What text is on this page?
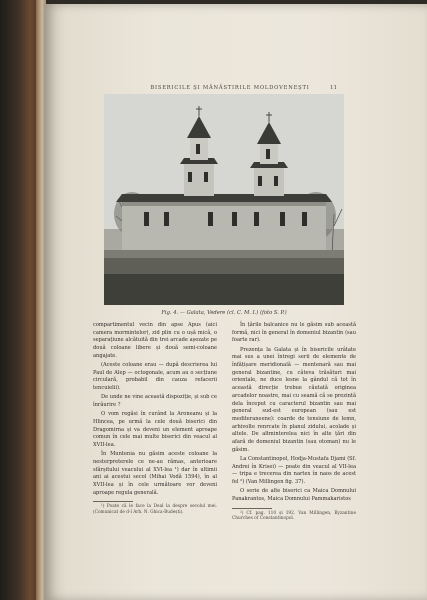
BISERICILE ȘI MĂNĂSTIRILE MOLDOVENEȘTI	11
Fig. 4. — Galata, Vedere (cl. C. M. I.) (foto S. P.)

compartimentul vecin din apse Apus (aici camera mormintelor), zid plin cu o ușă mică, o separațiune alcătuită din trei arcade așezate pe două coloane libere și două semi-coloane angajate.

(Aceste coloane erau — după descrierea lui Paul de Alep — octogonale, acum au o secțiune circulară, probabil din cauza refacerii tencuielii).

De unde ne vine această dispoziție, și sub ce înrâurire ?

O vom regăsi în curând la Aroneanu și la Hlincea, pe urmă la cele două biserici din Dragomirna și va deveni un element aproape comun în cele mai multe biserici din veacul al XVII-lea.

În Muntenia nu găsim aceste coloane la nesterpreterele ce ne-au rămas, anterioare sfârșitului veacului al XVI-lea ¹) dar în ultimii ani ai acestui secol (Mihai Vodă 1594), în al XVII-lea și în cele următoare vor deveni aproape regula generală.

¹) Poate că le face la Deal la despre secolul mei. (Comunicat de d-l Arh. N. Ghica-Budești).

În țările balcanice nu le găsim sub această formă, nici în general în domeniul bizantin (sau foarte rar).

Prezența la Galata și în bisericile urâtate mai sus a unei întregi serii de elemente de înfățișare meridională — mentenară sau mai general bizantine, cu câteva trăsături mai orientale, ne duce lesne la gândul că tot în această direcție trebue căutată originea arcadelor noastre, mai cu seamă că se prezintă dela început cu caracterul bizantin sau mai general sud-est european (sau est mediteraneene): coarde de tensiune de lemn, arhivolte renrcate în planul zidului, acolade și altele. De altminterelea nici în alte țări din afară de domeniul bizantin (sau otoman) nu le găsim.

La Constantinopol, Hodja-Mustafa Djami (Sf. Andrei în Krisei) — poate din veacul al VII-lea — tripa e trecerea din nartex în naos de acest fel ²) (Van Millingen fig. 37).

O serie de alte biserici ca Maica Domnului Panakrantos, Maica Domnului Pammakaristos

²) Cf. pag. 110 și 192. Van Millingen, Byzantine Churches of Constantinopol.
